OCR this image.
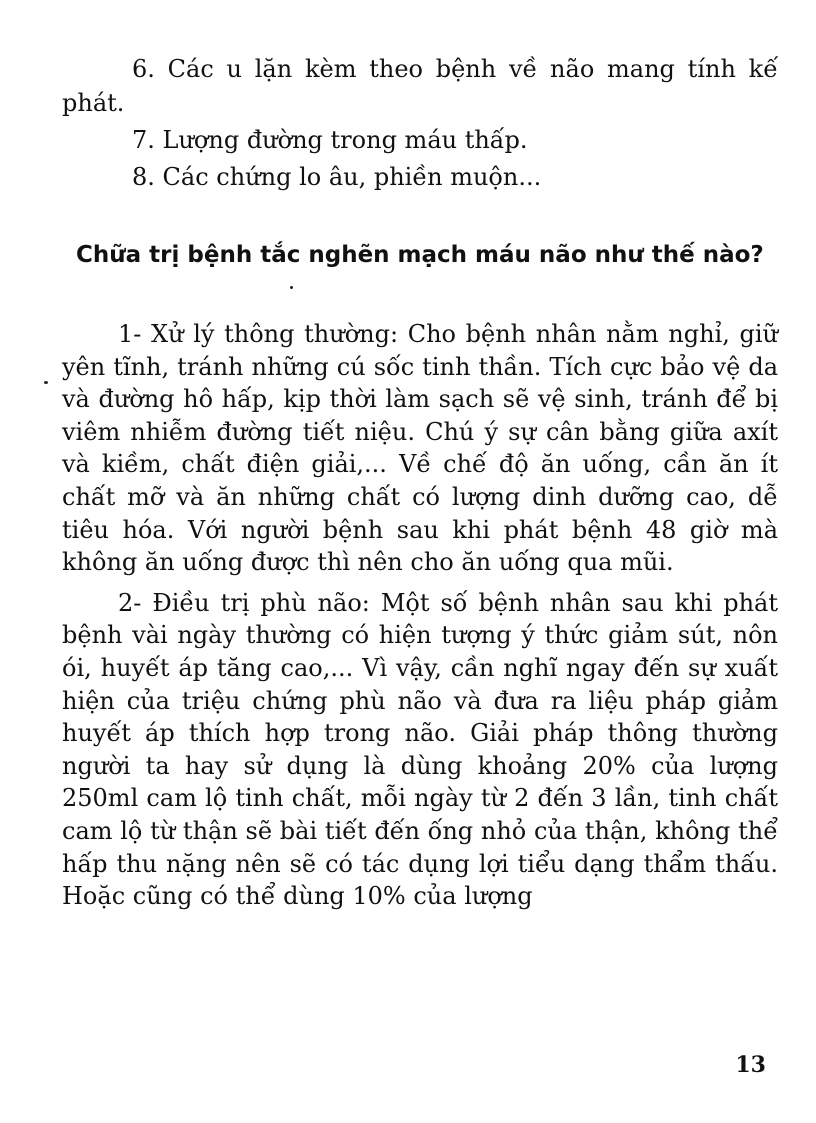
6. Các u lặn kèm theo bệnh về não mang tính kế phát.

7. Lượng đường trong máu thấp.

8. Các chứng lo âu, phiền muộn...

Chữa trị bệnh tắc nghẽn mạch máu não như thế nào?

1- Xử lý thông thường: Cho bệnh nhân nằm nghỉ, giữ yên tĩnh, tránh những cú sốc tinh thần. Tích cực bảo vệ da và đường hô hấp, kịp thời làm sạch sẽ vệ sinh, tránh để bị viêm nhiễm đường tiết niệu. Chú ý sự cân bằng giữa axít và kiềm, chất điện giải,... Về chế độ ăn uống, cần ăn ít chất mỡ và ăn những chất có lượng dinh dưỡng cao, dễ tiêu hóa. Với người bệnh sau khi phát bệnh 48 giờ mà không ăn uống được thì nên cho ăn uống qua mũi.

2- Điều trị phù não: Một số bệnh nhân sau khi phát bệnh vài ngày thường có hiện tượng ý thức giảm sút, nôn ói, huyết áp tăng cao,... Vì vậy, cần nghĩ ngay đến sự xuất hiện của triệu chứng phù não và đưa ra liệu pháp giảm huyết áp thích hợp trong não. Giải pháp thông thường người ta hay sử dụng là dùng khoảng 20% của lượng 250ml cam lộ tinh chất, mỗi ngày từ 2 đến 3 lần, tinh chất cam lộ từ thận sẽ bài tiết đến ống nhỏ của thận, không thể hấp thu nặng nên sẽ có tác dụng lợi tiểu dạng thẩm thấu. Hoặc cũng có thể dùng 10% của lượng

13
